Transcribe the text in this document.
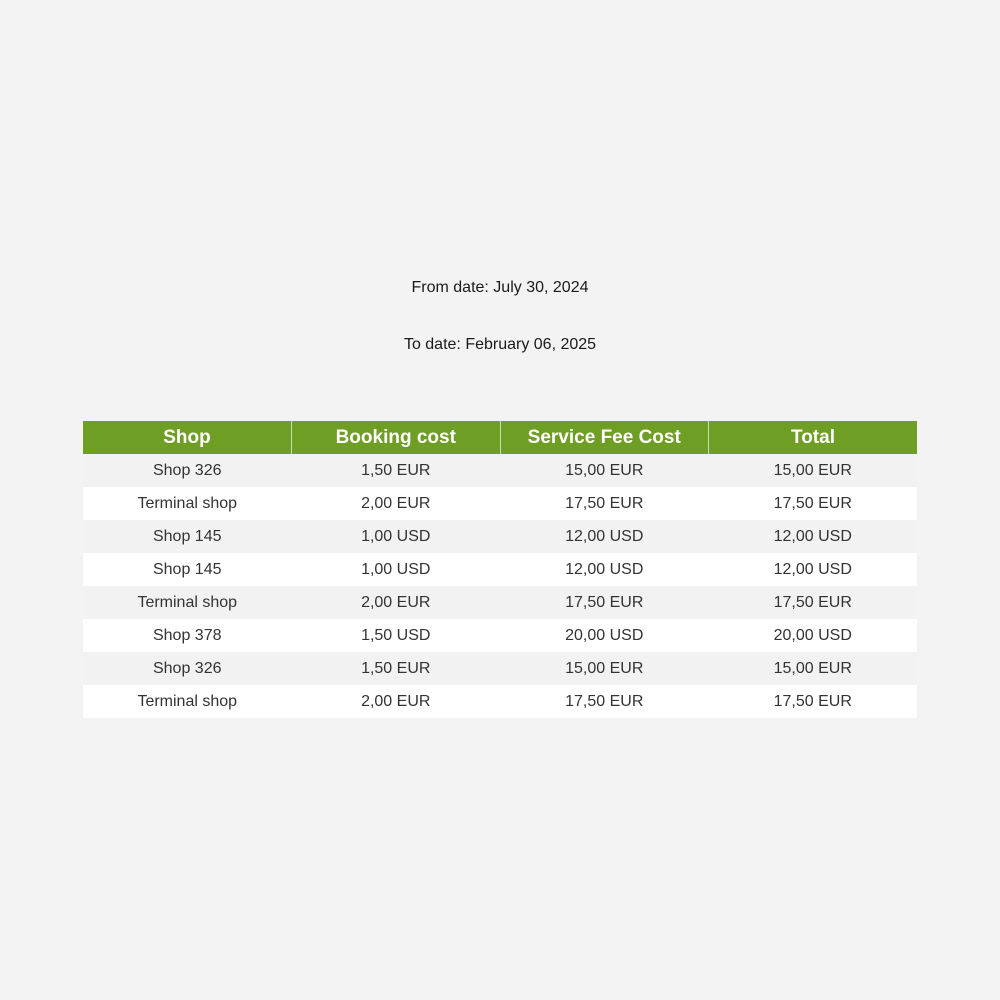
From date: July 30, 2024
To date: February 06, 2025
Shop	Booking cost	Service Fee Cost	Total
Shop 326	1,50 EUR	15,00 EUR	15,00 EUR
Terminal shop	2,00 EUR	17,50 EUR	17,50 EUR
Shop 145	1,00 USD	12,00 USD	12,00 USD
Shop 145	1,00 USD	12,00 USD	12,00 USD
Terminal shop	2,00 EUR	17,50 EUR	17,50 EUR
Shop 378	1,50 USD	20,00 USD	20,00 USD
Shop 326	1,50 EUR	15,00 EUR	15,00 EUR
Terminal shop	2,00 EUR	17,50 EUR	17,50 EUR
